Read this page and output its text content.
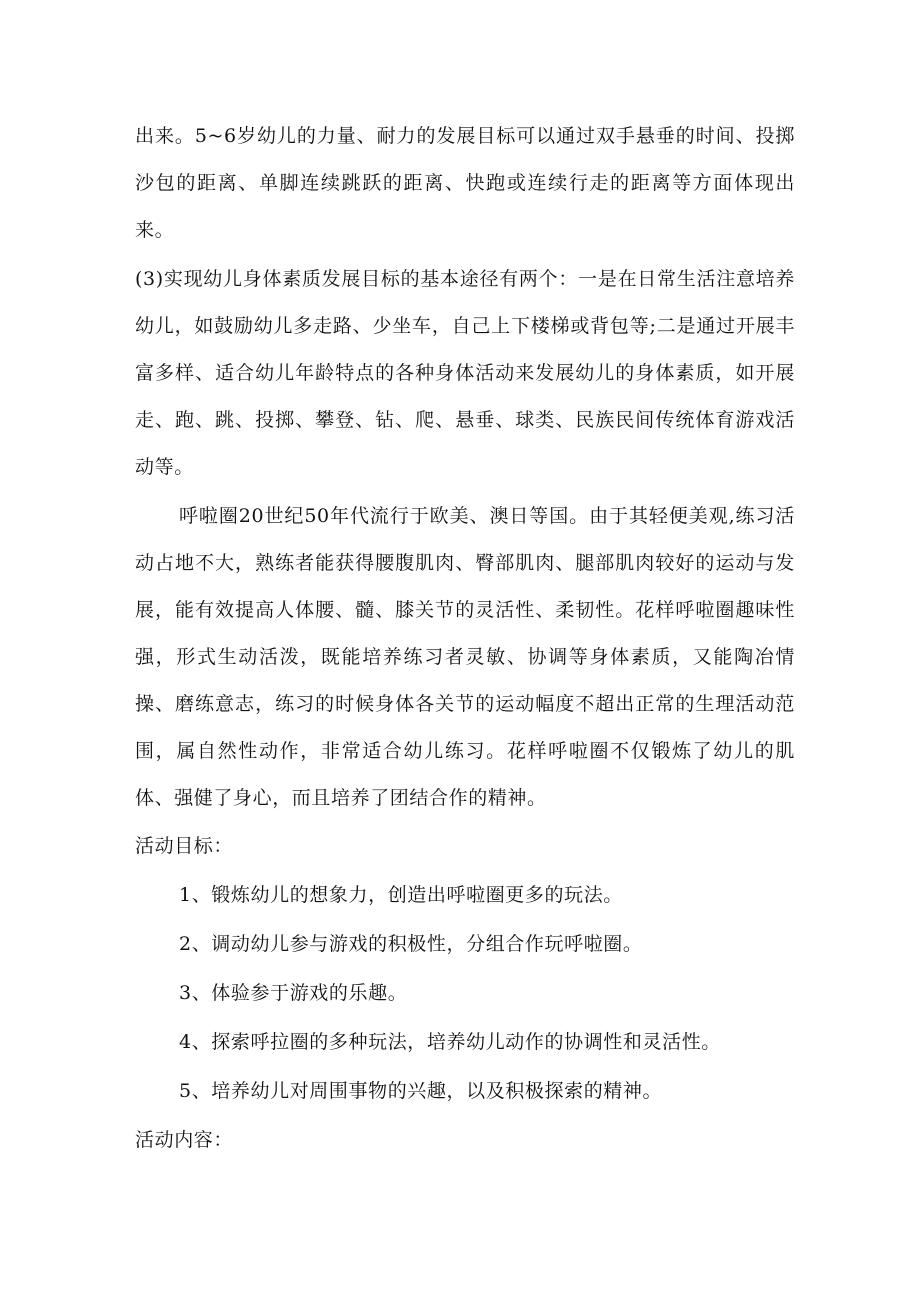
出来。5~6岁幼儿的力量、耐力的发展目标可以通过双手悬垂的时间、投掷沙包的距离、单脚连续跳跃的距离、快跑或连续行走的距离等方面体现出来。

(3)实现幼儿身体素质发展目标的基本途径有两个：一是在日常生活注意培养幼儿，如鼓励幼儿多走路、少坐车，自己上下楼梯或背包等;二是通过开展丰富多样、适合幼儿年龄特点的各种身体活动来发展幼儿的身体素质，如开展走、跑、跳、投掷、攀登、钻、爬、悬垂、球类、民族民间传统体育游戏活动等。

呼啦圈20世纪50年代流行于欧美、澳日等国。由于其轻便美观,练习活动占地不大，熟练者能获得腰腹肌肉、臀部肌肉、腿部肌肉较好的运动与发展，能有效提高人体腰、髓、膝关节的灵活性、柔韧性。花样呼啦圈趣味性强，形式生动活泼，既能培养练习者灵敏、协调等身体素质，又能陶冶情操、磨练意志，练习的时候身体各关节的运动幅度不超出正常的生理活动范围，属自然性动作，非常适合幼儿练习。花样呼啦圈不仅锻炼了幼儿的肌体、强健了身心，而且培养了团结合作的精神。

活动目标：

1、锻炼幼儿的想象力，创造出呼啦圈更多的玩法。

2、调动幼儿参与游戏的积极性，分组合作玩呼啦圈。

3、体验参于游戏的乐趣。

4、探索呼拉圈的多种玩法，培养幼儿动作的协调性和灵活性。

5、培养幼儿对周围事物的兴趣，以及积极探索的精神。

活动内容：
